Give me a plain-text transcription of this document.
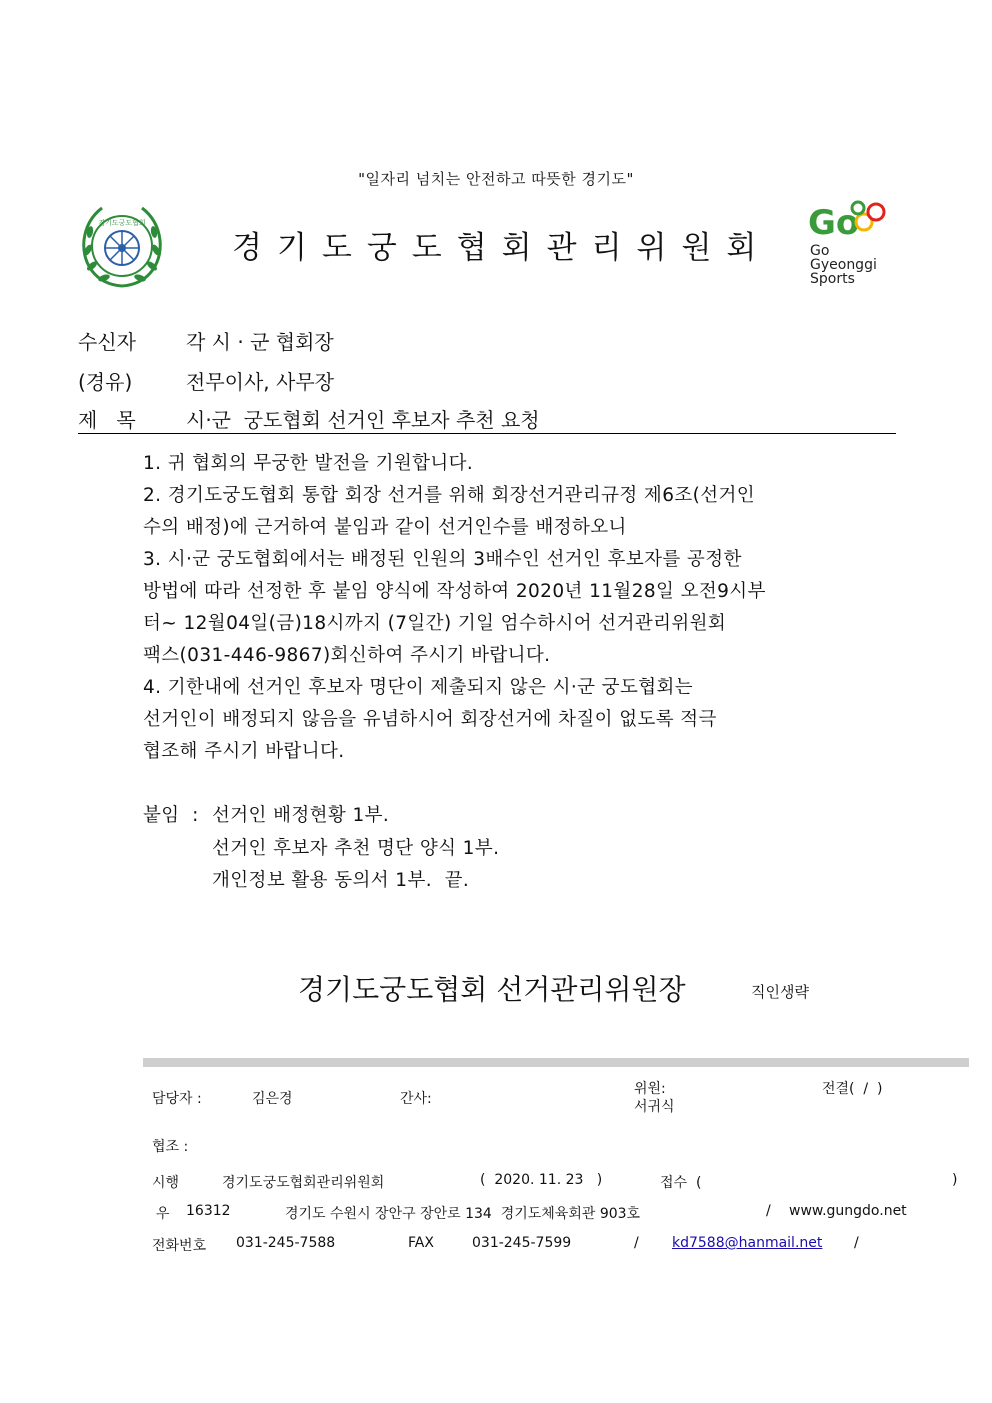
"일자리 넘치는 안전하고 따뜻한 경기도"
경기도궁도협회
경기도궁도협회관리위원회
Go
Go
Gyeonggi
Sports
수신자	각 시 · 군 협회장
(경유)	전무이사, 사무장
제   목	시·군  궁도협회 선거인 후보자 추천 요청
1. 귀 협회의 무궁한 발전을 기원합니다.
2. 경기도궁도협회 통합 회장 선거를 위해 회장선거관리규정 제6조(선거인
수의 배정)에 근거하여 붙임과 같이 선거인수를 배정하오니
3. 시·군 궁도협회에서는 배정된 인원의 3배수인 선거인 후보자를 공정한
방법에 따라 선정한 후 붙임 양식에 작성하여 2020년 11월28일 오전9시부
터~ 12월04일(금)18시까지 (7일간) 기일 엄수하시어 선거관리위원회
팩스(031-446-9867)회신하여 주시기 바랍니다.
4. 기한내에 선거인 후보자 명단이 제출되지 않은 시·군 궁도협회는
선거인이 배정되지 않음을 유념하시어 회장선거에 차질이 없도록 적극
협조해 주시기 바랍니다.
붙임  : 선거인 배정현황 1부.
선거인 후보자 추천 명단 양식 1부.
개인정보 활용 동의서 1부.  끝.
경기도궁도협회 선거관리위원장	직인생략
담당자 :	김은경	간사:
위원:
서귀식
전결(  /  )
협조 :
시행	경기도궁도협회관리위원회	(  2020. 11. 23   )	접수  (	)
우 16312	경기도 수원시 장안구 장안로 134  경기도체육회관 903호	/ www.gungdo.net
전화번호 031-245-7588	FAX	031-245-7599	/ kd7588@hanmail.net /
